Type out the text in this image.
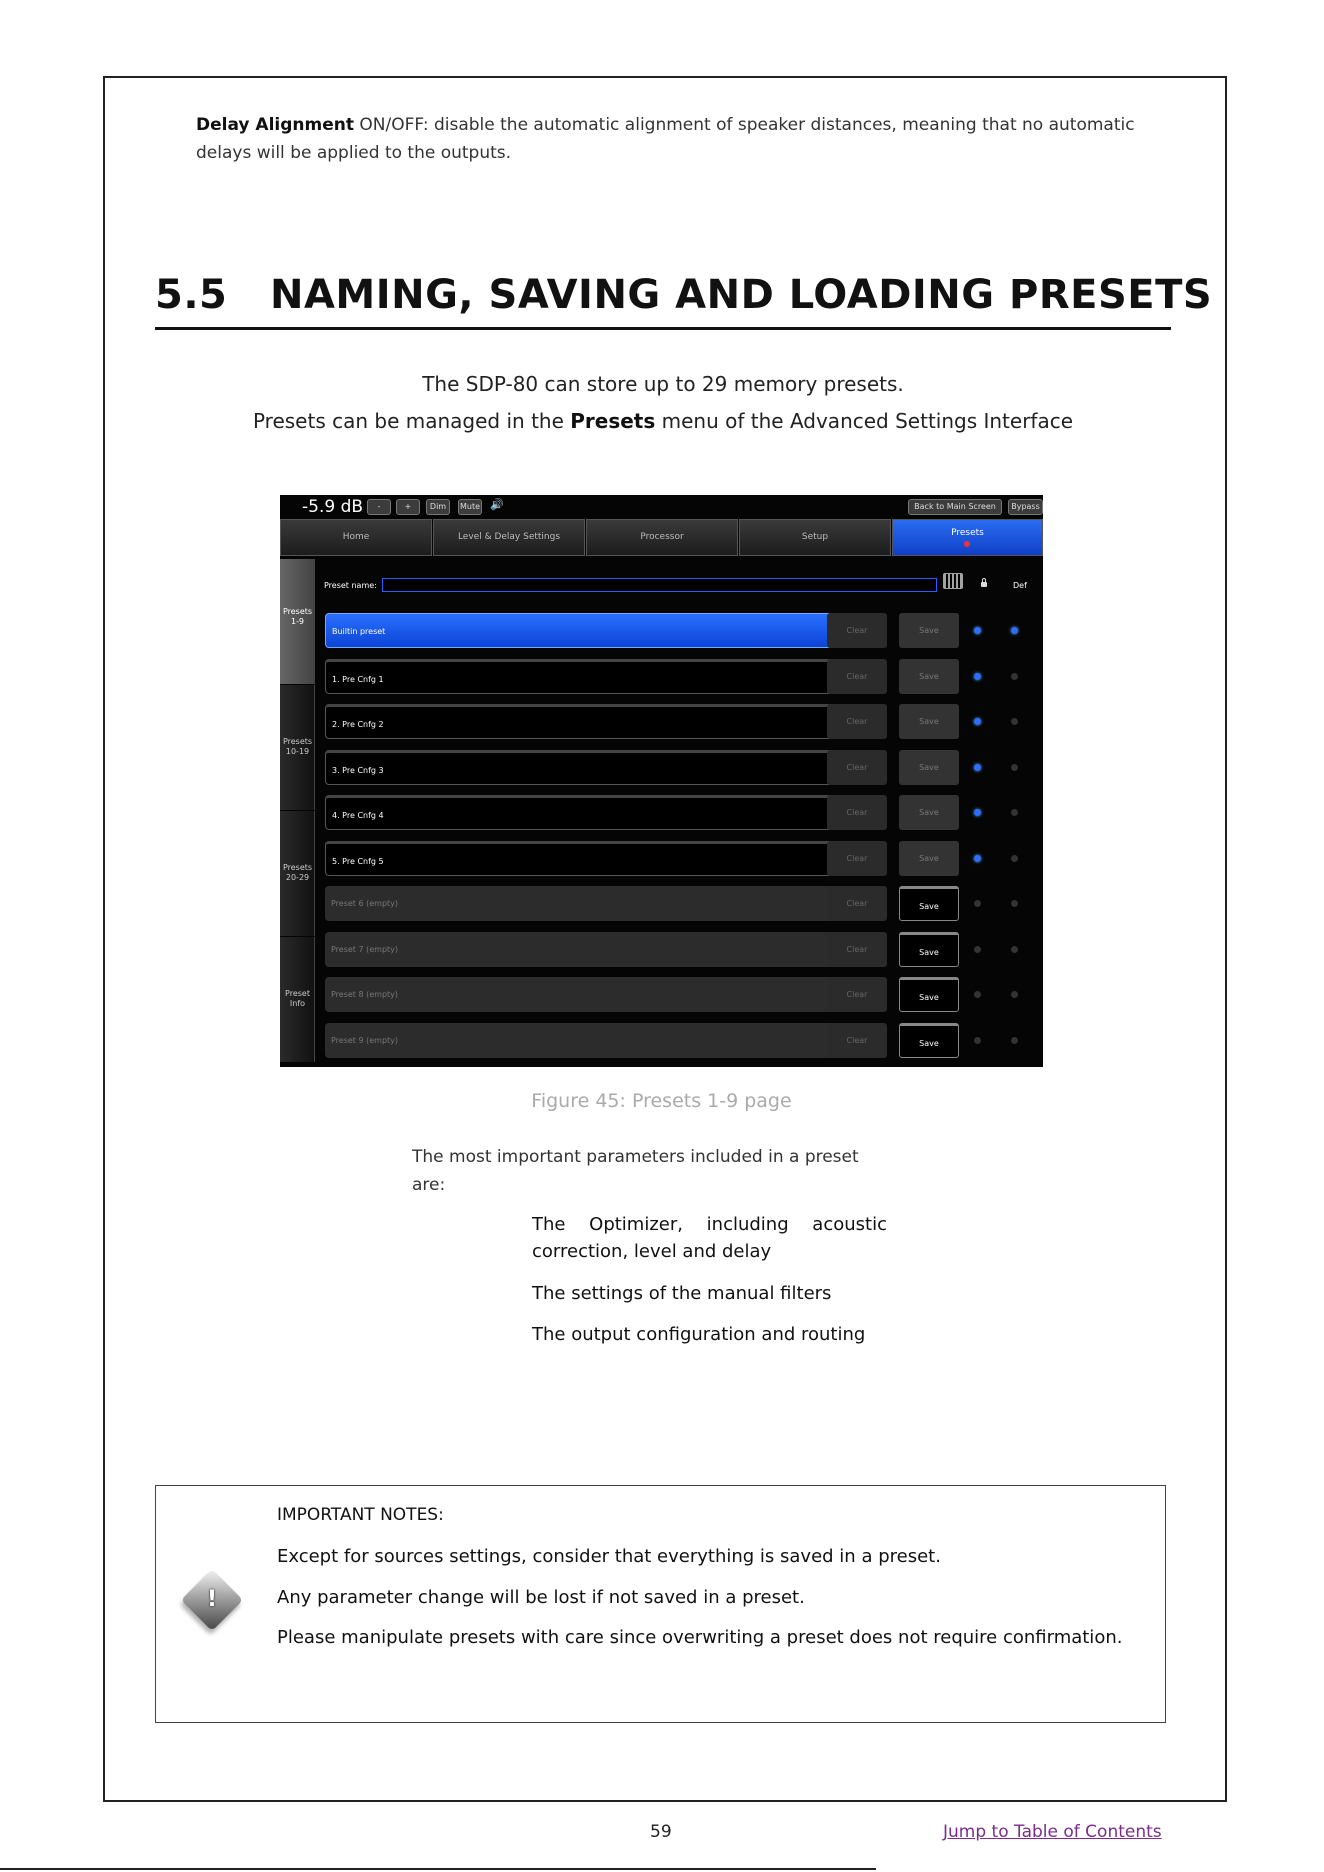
Delay Alignment ON/OFF: disable the automatic alignment of speaker distances, meaning that no automatic delays will be applied to the outputs.
5.5 NAMING, SAVING AND LOADING PRESETS
The SDP-80 can store up to 29 memory presets.
Presets can be managed in the Presets menu of the Advanced Settings Interface
-5.9 dB	-	+	Dim	Mute 🔊	Back to Main Screen	Bypass
Home	Level & Delay Settings	Processor	Setup	Presets
Presets 1-9
Presets 10-19
Presets 20-29
Preset Info
Preset name:	Def
Builtin preset	Clear	Save
1. Pre Cnfg 1	Clear	Save
2. Pre Cnfg 2	Clear	Save
3. Pre Cnfg 3	Clear	Save
4. Pre Cnfg 4	Clear	Save
5. Pre Cnfg 5	Clear	Save
Preset 6 (empty)	Clear	Save
Preset 7 (empty)	Clear	Save
Preset 8 (empty)	Clear	Save
Preset 9 (empty)	Clear	Save
Figure 45: Presets 1-9 page
The most important parameters included in a preset are:
The Optimizer, including acoustic correction, level and delay
The settings of the manual filters
The output configuration and routing
!
IMPORTANT NOTES:
Except for sources settings, consider that everything is saved in a preset.
Any parameter change will be lost if not saved in a preset.
Please manipulate presets with care since overwriting a preset does not require confirmation.
59	Jump to Table of Contents
